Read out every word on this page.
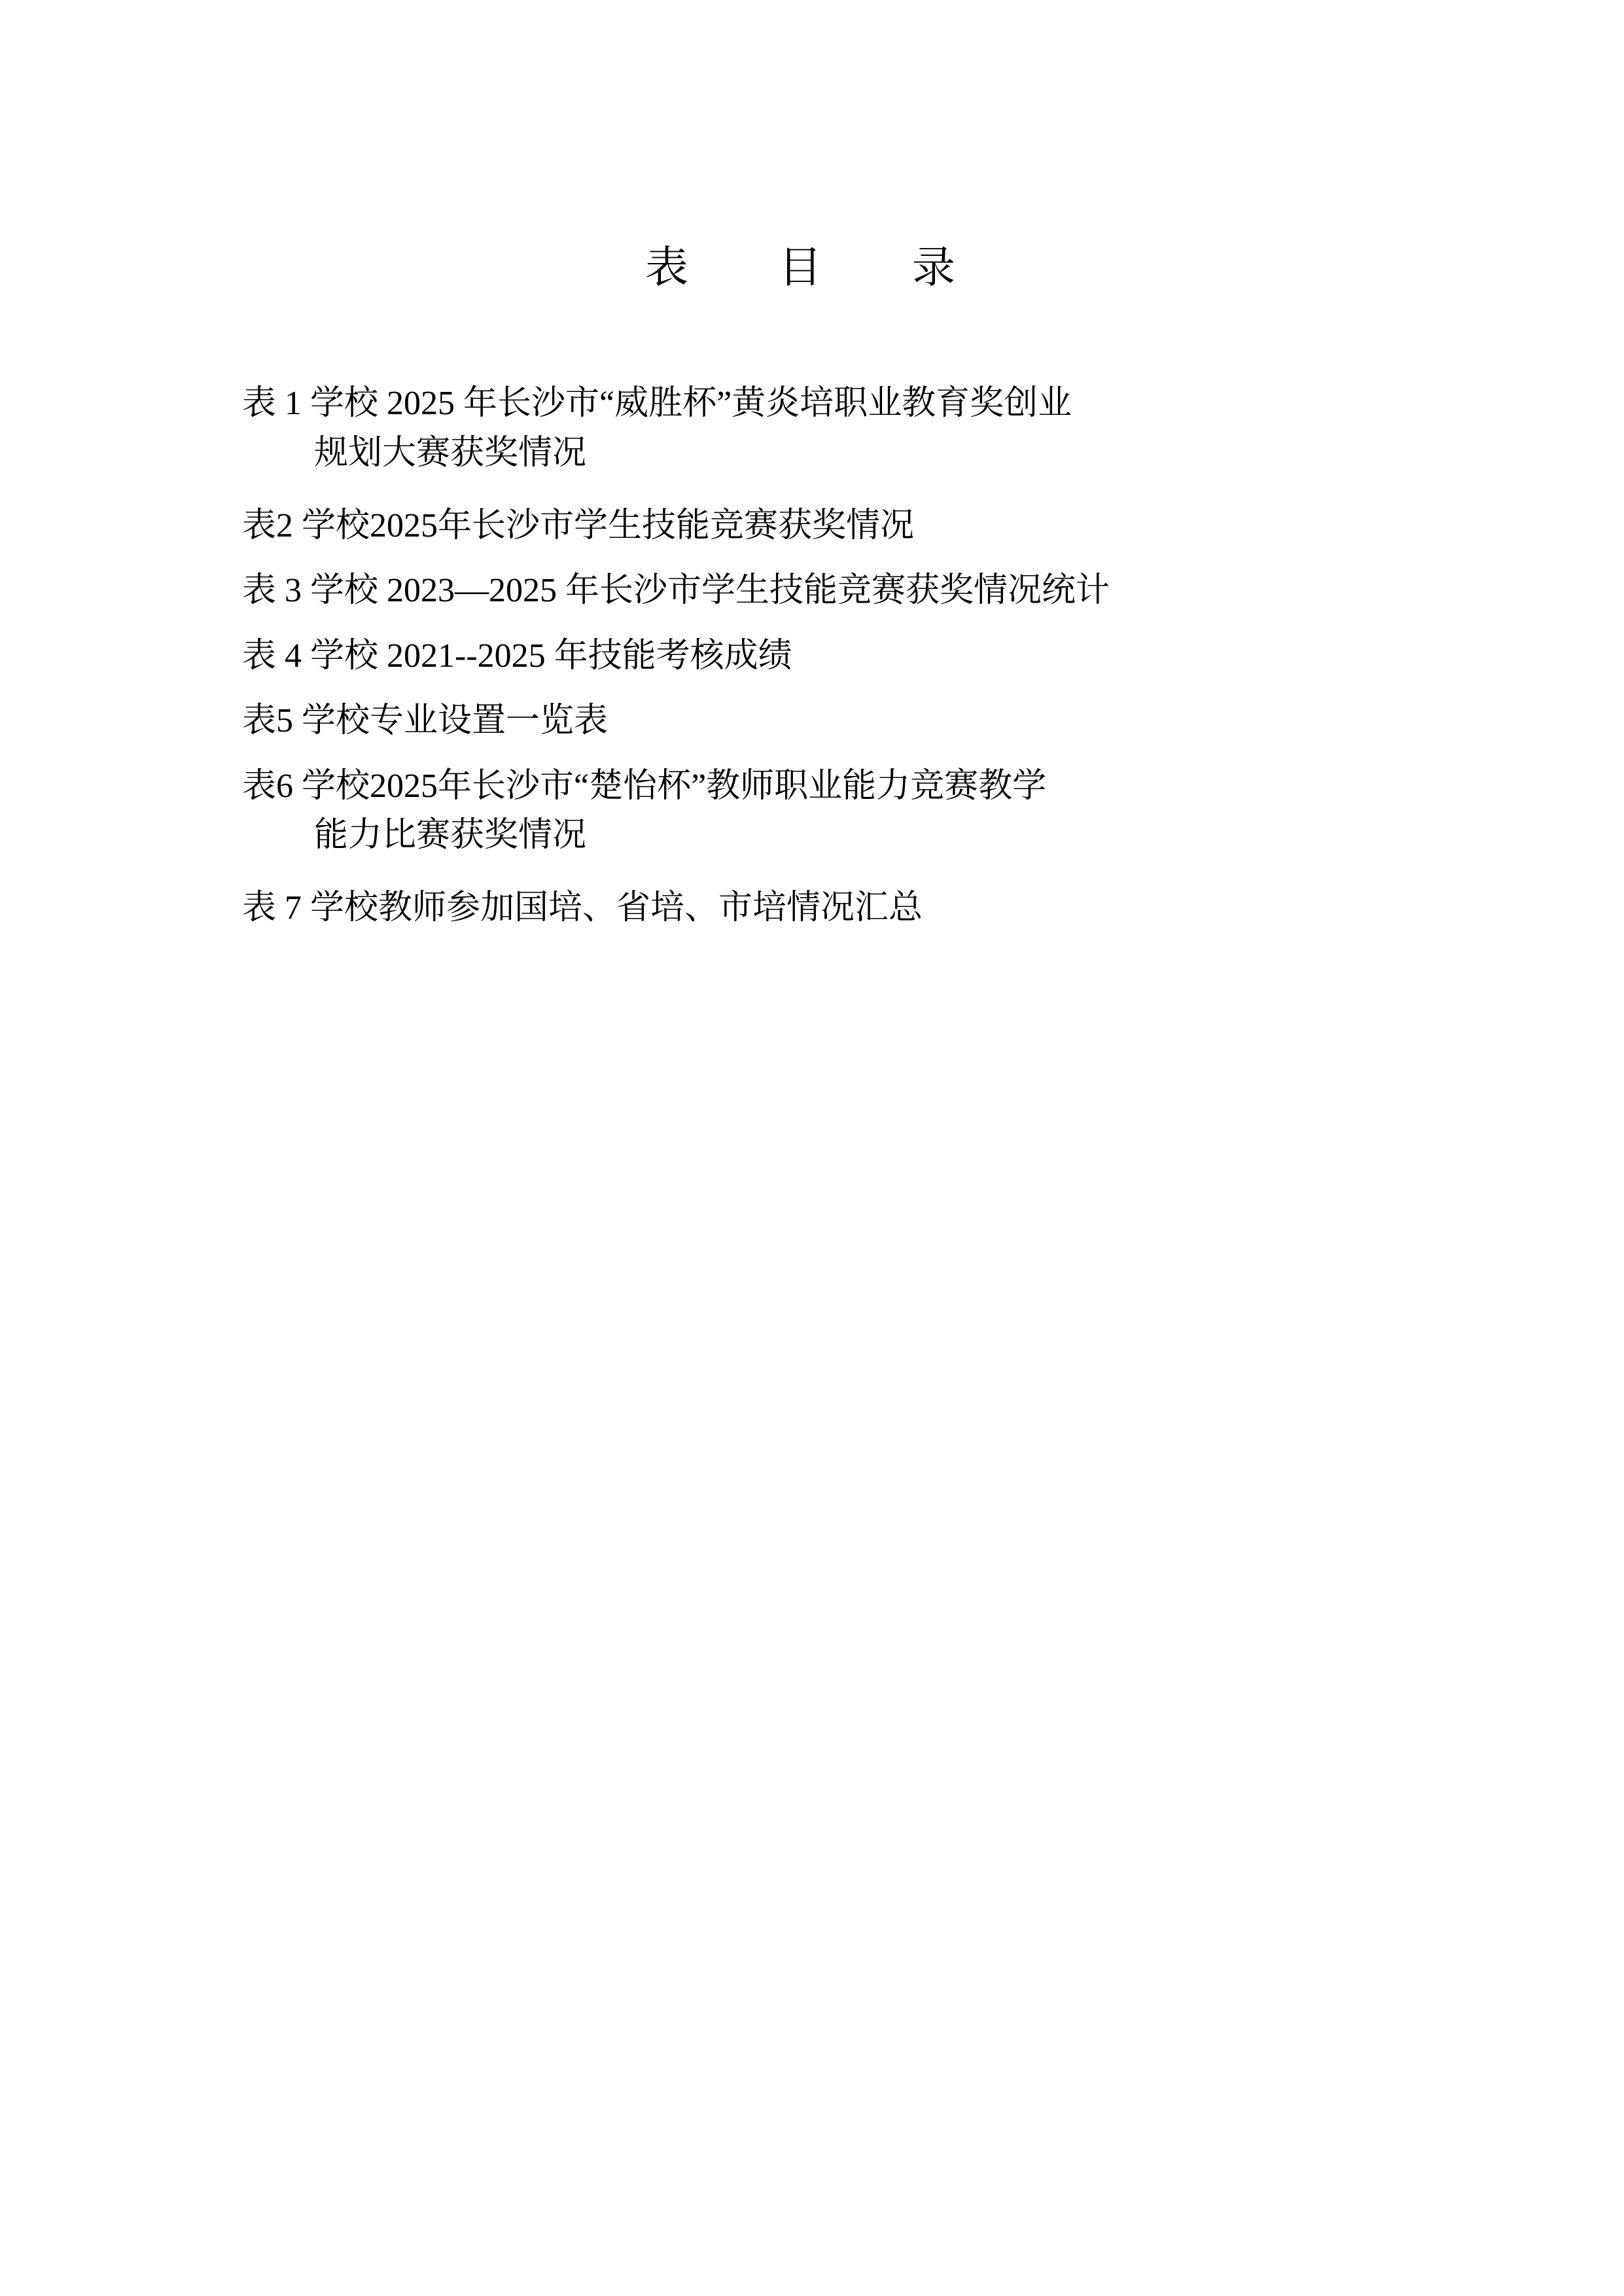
表　目　录
表 1 学校 2025 年长沙市“威胜杯”黄炎培职业教育奖创业
规划大赛获奖情况
表2 学校2025年长沙市学生技能竞赛获奖情况
表 3 学校 2023—2025 年长沙市学生技能竞赛获奖情况统计
表 4 学校 2021--2025 年技能考核成绩
表5 学校专业设置一览表
表6 学校2025年长沙市“楚怡杯”教师职业能力竞赛教学
能力比赛获奖情况
表 7 学校教师参加国培、省培、市培情况汇总
